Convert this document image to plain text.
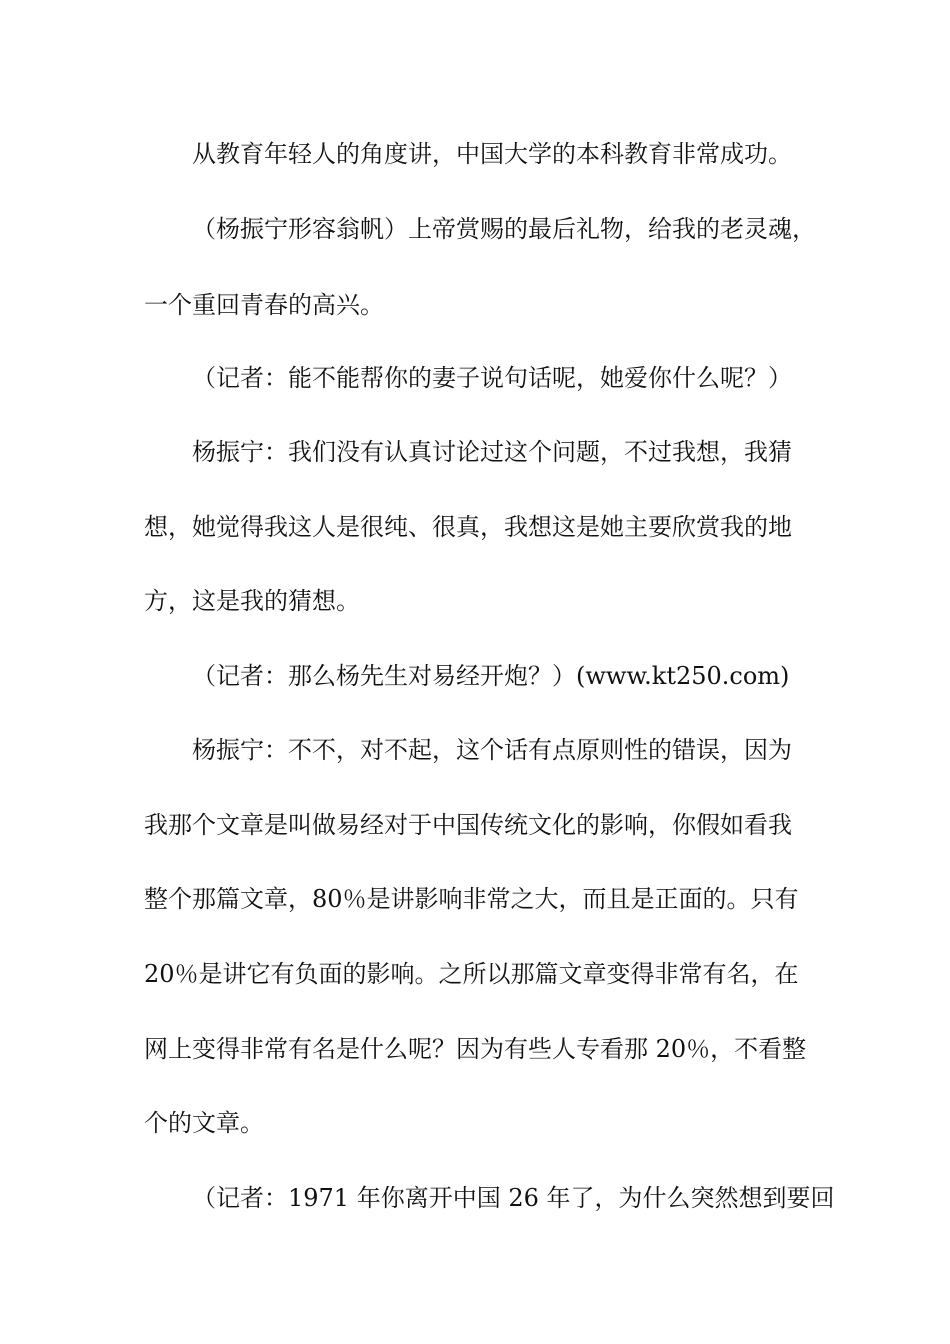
从教育年轻人的角度讲，中国大学的本科教育非常成功。
（杨振宁形容翁帆）上帝赏赐的最后礼物，给我的老灵魂，
一个重回青春的高兴。
（记者：能不能帮你的妻子说句话呢，她爱你什么呢？）
杨振宁：我们没有认真讨论过这个问题，不过我想，我猜
想，她觉得我这人是很纯、很真，我想这是她主要欣赏我的地
方，这是我的猜想。
（记者：那么杨先生对易经开炮？）(www.kt250.com)
杨振宁：不不，对不起，这个话有点原则性的错误，因为
我那个文章是叫做易经对于中国传统文化的影响，你假如看我
整个那篇文章，80％是讲影响非常之大，而且是正面的。只有
20％是讲它有负面的影响。之所以那篇文章变得非常有名，在
网上变得非常有名是什么呢？因为有些人专看那 20％，不看整
个的文章。
（记者：1971 年你离开中国 26 年了，为什么突然想到要回
